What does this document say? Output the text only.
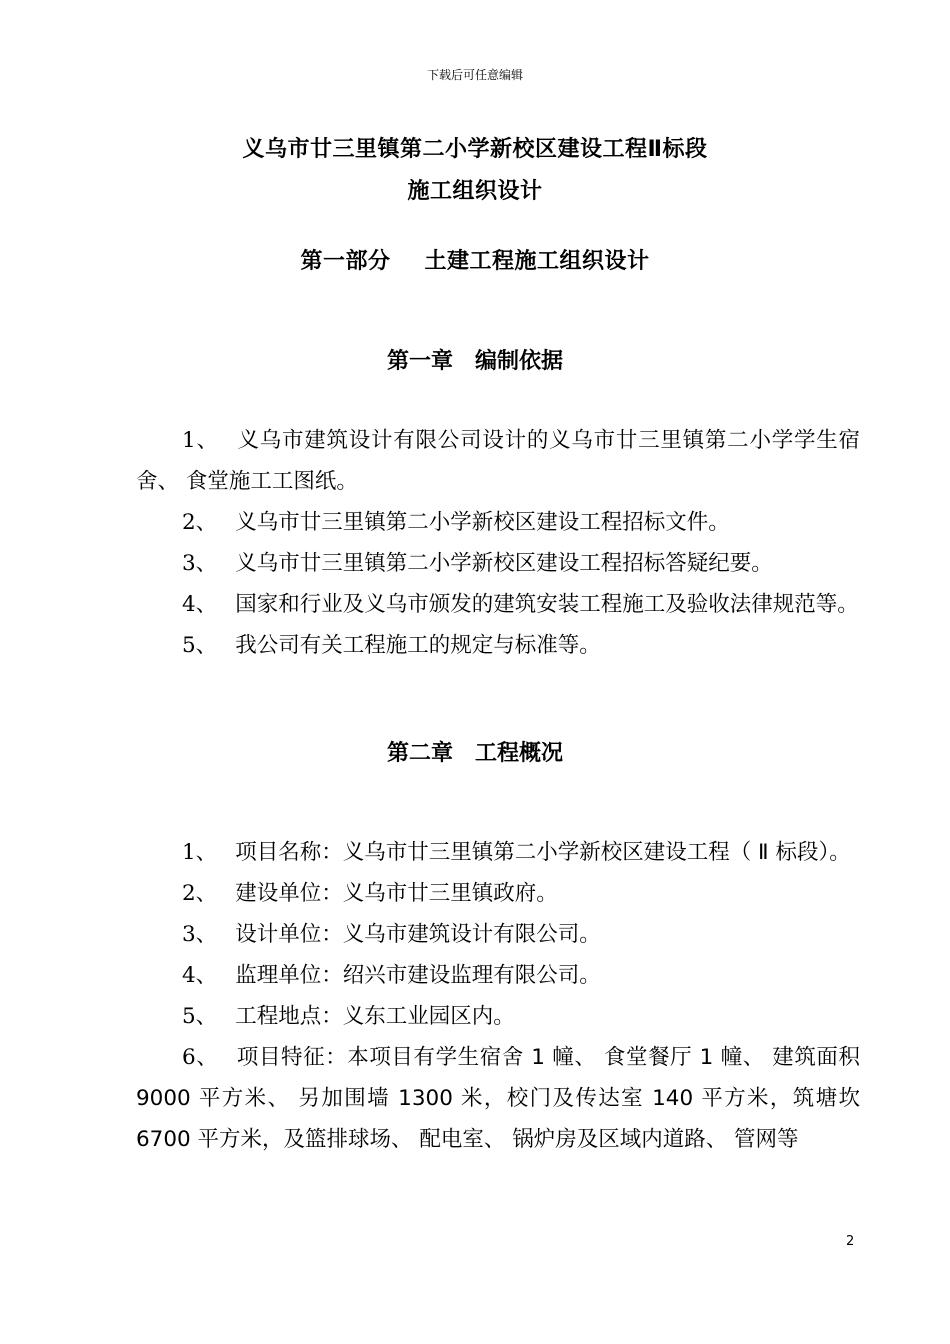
下载后可任意编辑
义乌市廿三里镇第二小学新校区建设工程Ⅱ标段
施工组织设计
第一部分 土建工程施工组织设计
第一章 编制依据

1、 义乌市建筑设计有限公司设计的义乌市廿三里镇第二小学学生宿舍、 食堂施工工图纸。

2、 义乌市廿三里镇第二小学新校区建设工程招标文件。

3、 义乌市廿三里镇第二小学新校区建设工程招标答疑纪要。

4、 国家和行业及义乌市颁发的建筑安装工程施工及验收法律规范等。

5、 我公司有关工程施工的规定与标准等。

第二章 工程概况

1、 项目名称：义乌市廿三里镇第二小学新校区建设工程（ Ⅱ 标段）。

2、 建设单位：义乌市廿三里镇政府。

3、 设计单位：义乌市建筑设计有限公司。

4、 监理单位：绍兴市建设监理有限公司。

5、 工程地点：义东工业园区内。

6、 项目特征：本项目有学生宿舍 1 幢、 食堂餐厅 1 幢、 建筑面积 9000 平方米、 另加围墙 1300 米，校门及传达室 140 平方米，筑塘坎 6700 平方米，及篮排球场、 配电室、 锅炉房及区域内道路、 管网等

2
